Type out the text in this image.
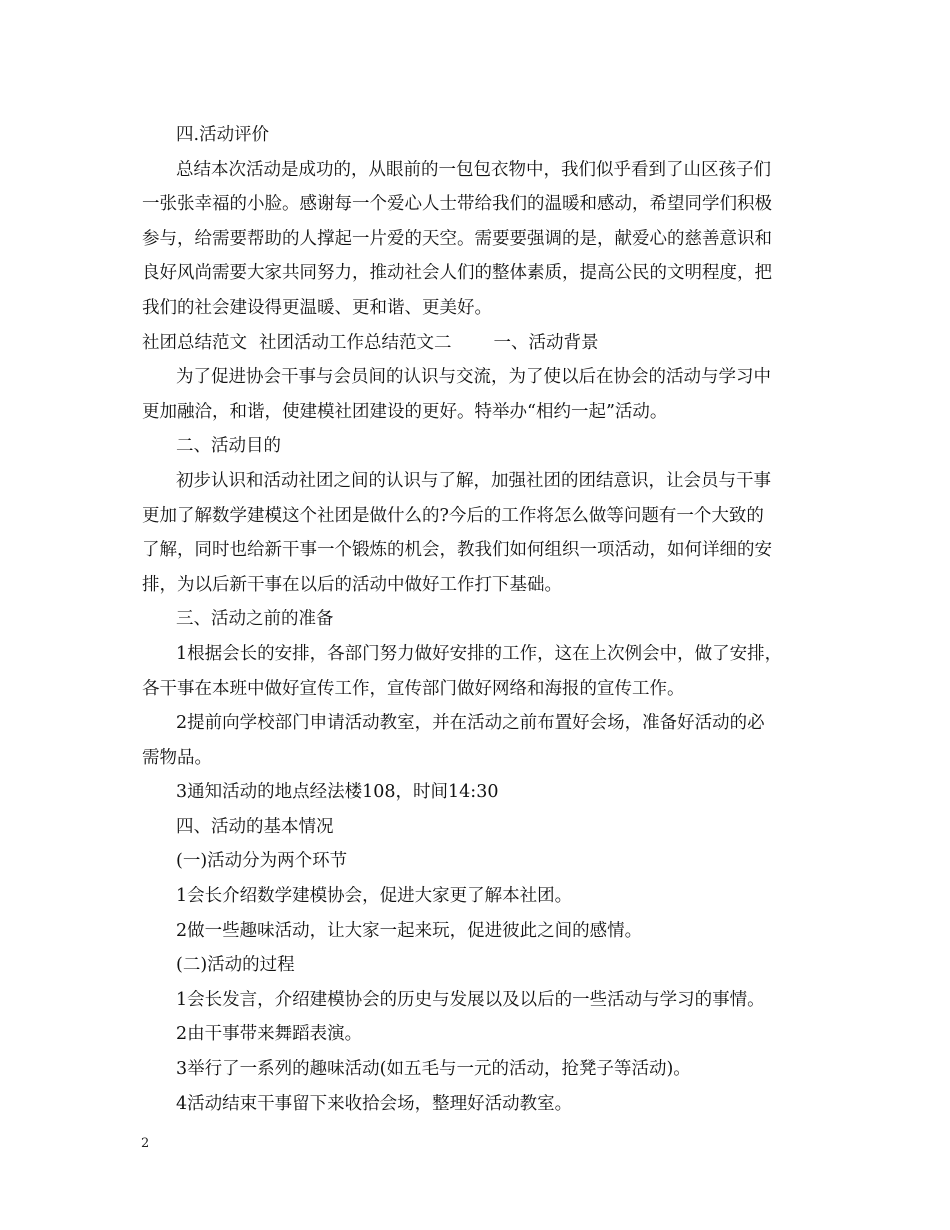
四.活动评价
总结本次活动是成功的，从眼前的一包包衣物中，我们似乎看到了山区孩子们
一张张幸福的小脸。感谢每一个爱心人士带给我们的温暖和感动，希望同学们积极
参与，给需要帮助的人撑起一片爱的天空。需要要强调的是，献爱心的慈善意识和
良好风尚需要大家共同努力，推动社会人们的整体素质，提高公民的文明程度，把
我们的社会建设得更温暖、更和谐、更美好。
社团总结范文 社团活动工作总结范文二 一、活动背景
为了促进协会干事与会员间的认识与交流，为了使以后在协会的活动与学习中
更加融洽，和谐，使建模社团建设的更好。特举办“相约一起”活动。
二、活动目的
初步认识和活动社团之间的认识与了解，加强社团的团结意识，让会员与干事
更加了解数学建模这个社团是做什么的?今后的工作将怎么做等问题有一个大致的
了解，同时也给新干事一个锻炼的机会，教我们如何组织一项活动，如何详细的安
排，为以后新干事在以后的活动中做好工作打下基础。
三、活动之前的准备
1根据会长的安排，各部门努力做好安排的工作，这在上次例会中，做了安排，
各干事在本班中做好宣传工作，宣传部门做好网络和海报的宣传工作。
2提前向学校部门申请活动教室，并在活动之前布置好会场，准备好活动的必
需物品。
3通知活动的地点经法楼108，时间14:30
四、活动的基本情况
(一)活动分为两个环节
1会长介绍数学建模协会，促进大家更了解本社团。
2做一些趣味活动，让大家一起来玩，促进彼此之间的感情。
(二)活动的过程
1会长发言，介绍建模协会的历史与发展以及以后的一些活动与学习的事情。
2由干事带来舞蹈表演。
3举行了一系列的趣味活动(如五毛与一元的活动，抢凳子等活动)。
4活动结束干事留下来收拾会场，整理好活动教室。
2
